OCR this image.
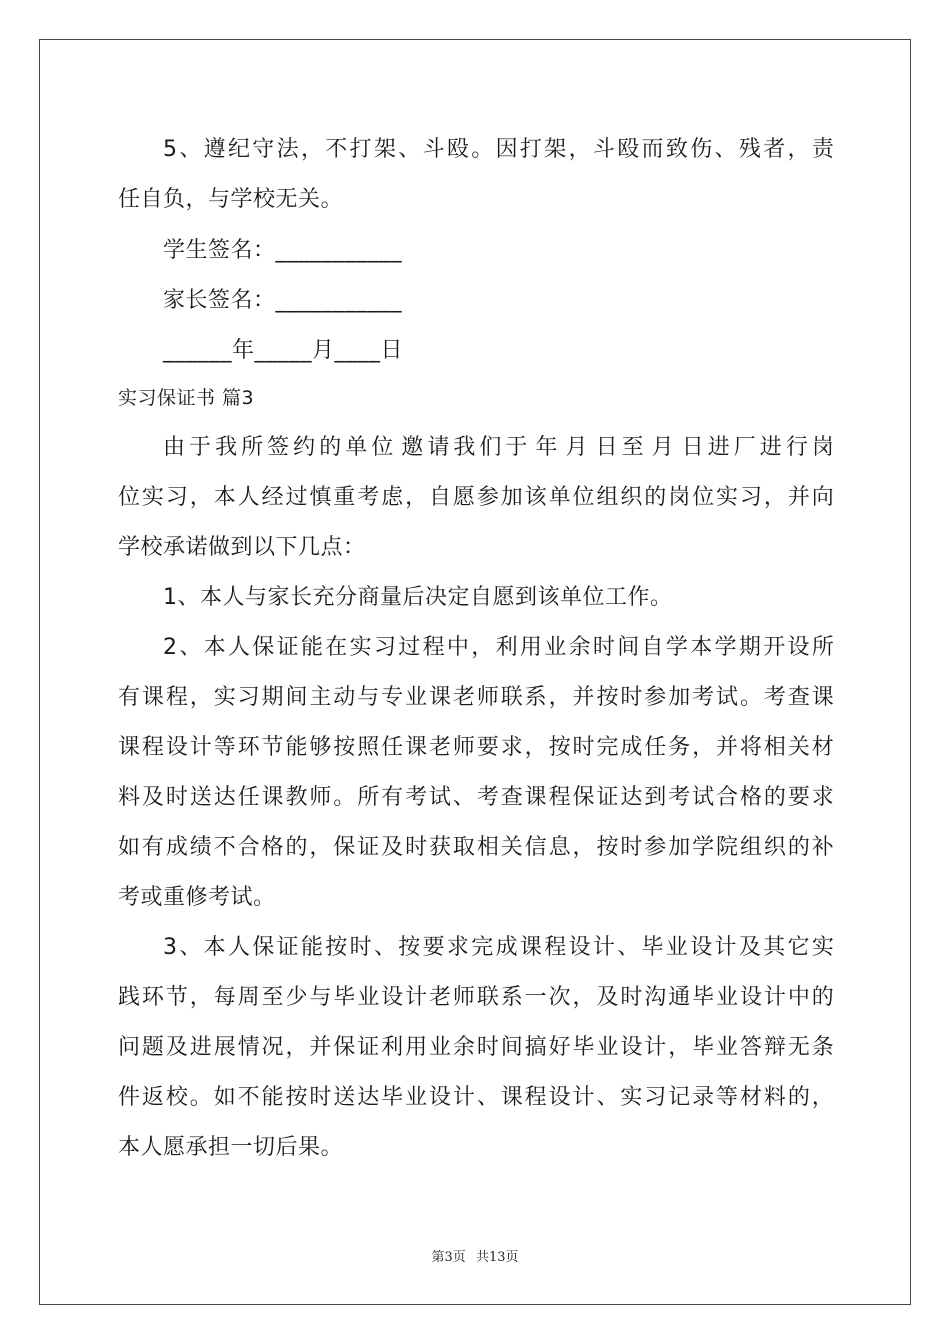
5 、 遵 纪 守 法 ， 不 打 架 、 斗 殴 。 因 打 架 ， 斗 殴 而 致 伤 、 残 者 ， 责
任自负，与学校无关。
学生签名：___________
家长签名：___________
______年_____月____日
实习保证书 篇3
由 于 我 所 签 约 的 单 位 邀 请 我 们 于 年 月 日 至 月 日 进 厂 进 行 岗
位 实 习 ， 本 人 经 过 慎 重 考 虑 ， 自 愿 参 加 该 单 位 组 织 的 岗 位 实 习 ， 并 向
学校承诺做到以下几点：
1、本人与家长充分商量后决定自愿到该单位工作。
2 、 本 人 保 证 能 在 实 习 过 程 中 ， 利 用 业 余 时 间 自 学 本 学 期 开 设 所
有 课 程 ， 实 习 期 间 主 动 与 专 业 课 老 师 联 系 ， 并 按 时 参 加 考 试 。 考 查 课
课 程 设 计 等 环 节 能 够 按 照 任 课 老 师 要 求 ， 按 时 完 成 任 务 ， 并 将 相 关 材
料 及 时 送 达 任 课 教 师 。 所 有 考 试 、 考 查 课 程 保 证 达 到 考 试 合 格 的 要 求
如 有 成 绩 不 合 格 的 ， 保 证 及 时 获 取 相 关 信 息 ， 按 时 参 加 学 院 组 织 的 补
考或重修考试。
3 、 本 人 保 证 能 按 时 、 按 要 求 完 成 课 程 设 计 、 毕 业 设 计 及 其 它 实
践 环 节 ， 每 周 至 少 与 毕 业 设 计 老 师 联 系 一 次 ， 及 时 沟 通 毕 业 设 计 中 的
问 题 及 进 展 情 况 ， 并 保 证 利 用 业 余 时 间 搞 好 毕 业 设 计 ， 毕 业 答 辩 无 条
件 返 校 。 如 不 能 按 时 送 达 毕 业 设 计 、 课 程 设 计 、 实 习 记 录 等 材 料 的 ，
本人愿承担一切后果。
第3页 共13页
